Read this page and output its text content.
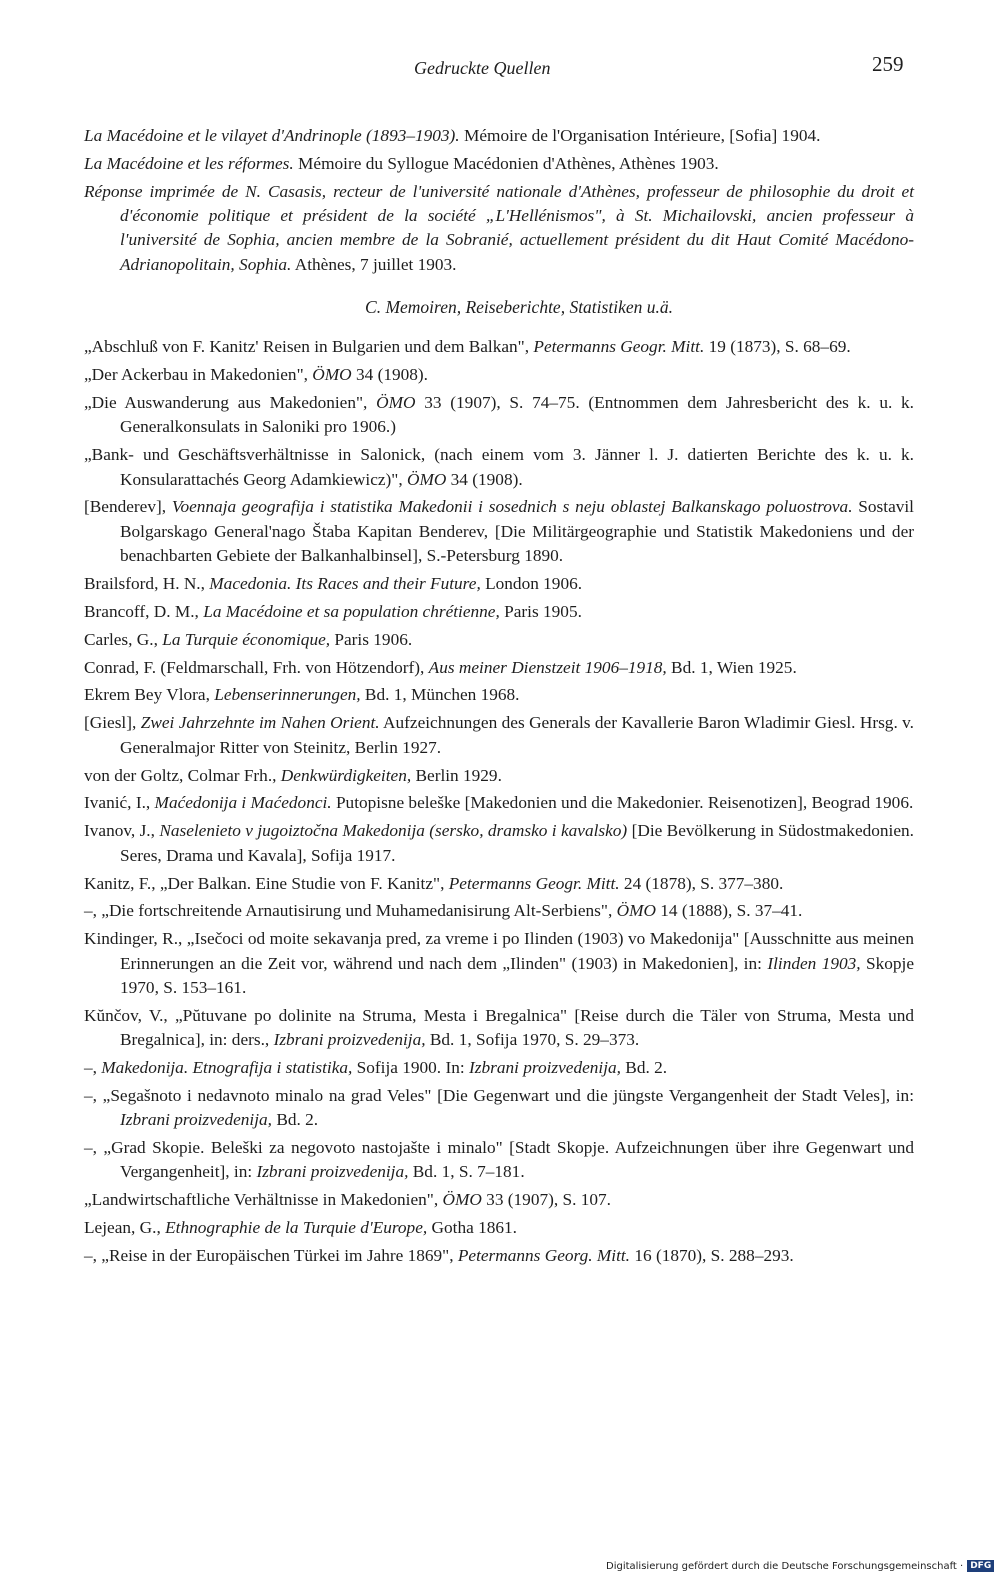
Gedruckte Quellen	259

La Macédoine et le vilayet d'Andrinople (1893–1903). Mémoire de l'Organisation Intérieure, [Sofia] 1904.

La Macédoine et les réformes. Mémoire du Syllogue Macédonien d'Athènes, Athènes 1903.

Réponse imprimée de N. Casasis, recteur de l'université nationale d'Athènes, professeur de philosophie du droit et d'économie politique et président de la société „L'Hellénismos", à St. Michailovski, ancien professeur à l'université de Sophia, ancien membre de la Sobranié, actuellement président du dit Haut Comité Macédono-Adrianopolitain, Sophia. Athènes, 7 juillet 1903.

C. Memoiren, Reiseberichte, Statistiken u.ä.

„Abschluß von F. Kanitz' Reisen in Bulgarien und dem Balkan", Petermanns Geogr. Mitt. 19 (1873), S. 68–69.

„Der Ackerbau in Makedonien", ÖMO 34 (1908).

„Die Auswanderung aus Makedonien", ÖMO 33 (1907), S. 74–75. (Entnommen dem Jahresbericht des k. u. k. Generalkonsulats in Saloniki pro 1906.)

„Bank- und Geschäftsverhältnisse in Salonick, (nach einem vom 3. Jänner l. J. datierten Berichte des k. u. k. Konsularattachés Georg Adamkiewicz)", ÖMO 34 (1908).

[Benderev], Voennaja geografija i statistika Makedonii i sosednich s neju oblastej Balkanskago poluostrova. Sostavil Bolgarskago General'nago Štaba Kapitan Benderev, [Die Militärgeographie und Statistik Makedoniens und der benachbarten Gebiete der Balkanhalbinsel], S.-Petersburg 1890.

Brailsford, H. N., Macedonia. Its Races and their Future, London 1906.

Brancoff, D. M., La Macédoine et sa population chrétienne, Paris 1905.

Carles, G., La Turquie économique, Paris 1906.

Conrad, F. (Feldmarschall, Frh. von Hötzendorf), Aus meiner Dienstzeit 1906–1918, Bd. 1, Wien 1925.

Ekrem Bey Vlora, Lebenserinnerungen, Bd. 1, München 1968.

[Giesl], Zwei Jahrzehnte im Nahen Orient. Aufzeichnungen des Generals der Kavallerie Baron Wladimir Giesl. Hrsg. v. Generalmajor Ritter von Steinitz, Berlin 1927.

von der Goltz, Colmar Frh., Denkwürdigkeiten, Berlin 1929.

Ivanić, I., Maćedonija i Maćedonci. Putopisne beleške [Makedonien und die Makedonier. Reisenotizen], Beograd 1906.

Ivanov, J., Naselenieto v jugoiztočna Makedonija (sersko, dramsko i kavalsko) [Die Bevölkerung in Südostmakedonien. Seres, Drama und Kavala], Sofija 1917.

Kanitz, F., „Der Balkan. Eine Studie von F. Kanitz", Petermanns Geogr. Mitt. 24 (1878), S. 377–380.

–, „Die fortschreitende Arnautisirung und Muhamedanisirung Alt-Serbiens", ÖMO 14 (1888), S. 37–41.

Kindinger, R., „Isečoci od moite sekavanja pred, za vreme i po Ilinden (1903) vo Makedonija" [Ausschnitte aus meinen Erinnerungen an die Zeit vor, während und nach dem „Ilinden" (1903) in Makedonien], in: Ilinden 1903, Skopje 1970, S. 153–161.

Kŭnčov, V., „Pŭtuvane po dolinite na Struma, Mesta i Bregalnica" [Reise durch die Täler von Struma, Mesta und Bregalnica], in: ders., Izbrani proizvedenija, Bd. 1, Sofija 1970, S. 29–373.

–, Makedonija. Etnografija i statistika, Sofija 1900. In: Izbrani proizvedenija, Bd. 2.

–, „Segašnoto i nedavnoto minalo na grad Veles" [Die Gegenwart und die jüngste Vergangenheit der Stadt Veles], in: Izbrani proizvedenija, Bd. 2.

–, „Grad Skopie. Beleški za negovoto nastojašte i minalo" [Stadt Skopje. Aufzeichnungen über ihre Gegenwart und Vergangenheit], in: Izbrani proizvedenija, Bd. 1, S. 7–181.

„Landwirtschaftliche Verhältnisse in Makedonien", ÖMO 33 (1907), S. 107.

Lejean, G., Ethnographie de la Turquie d'Europe, Gotha 1861.

–, „Reise in der Europäischen Türkei im Jahre 1869", Petermanns Georg. Mitt. 16 (1870), S. 288–293.

Digitalisierung gefördert durch die Deutsche Forschungsgemeinschaft · DFG
